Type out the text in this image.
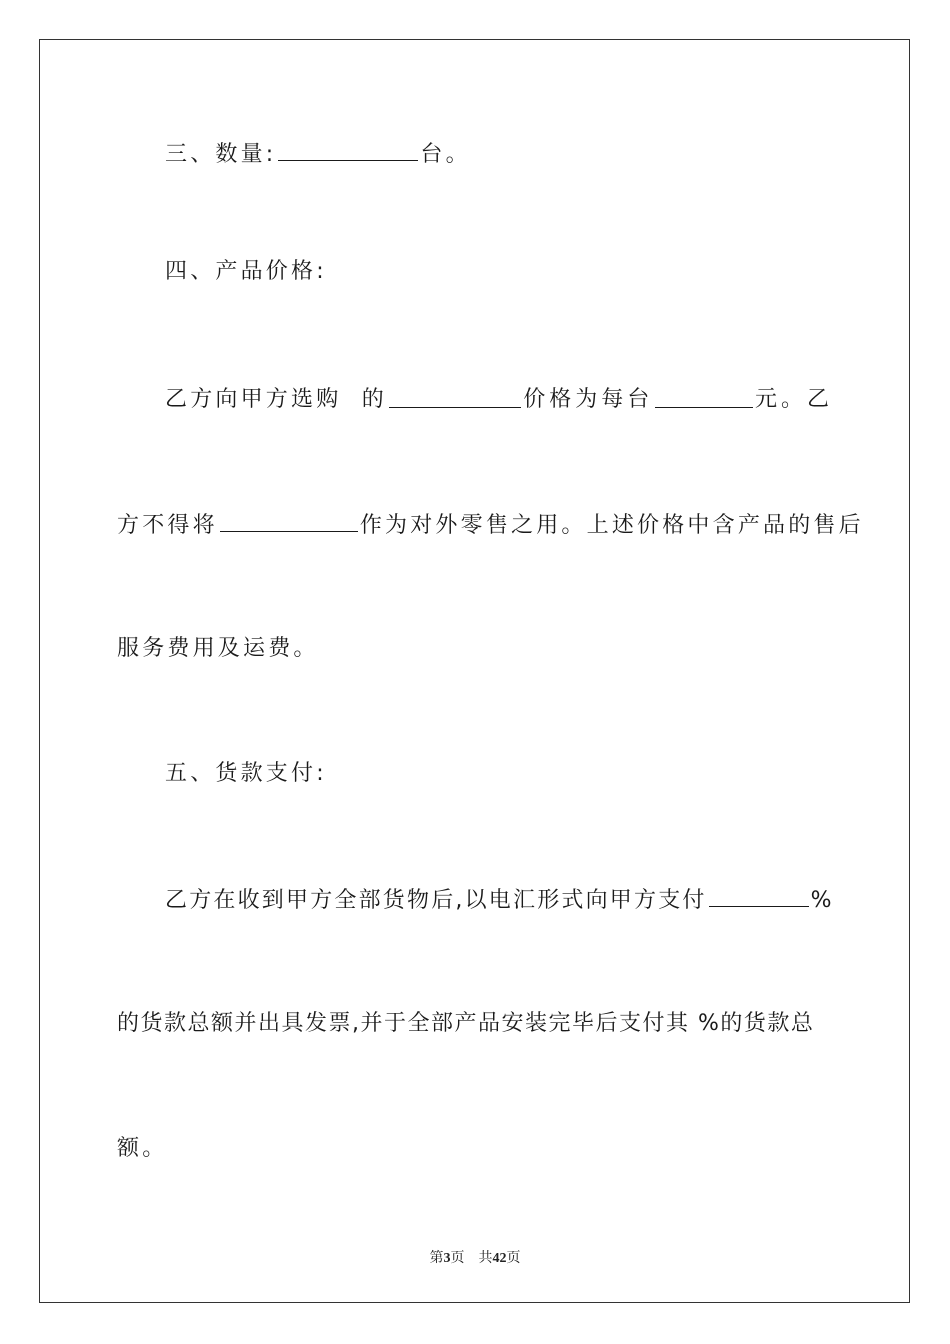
三、数量:	台。
四、产品价格:
乙方向甲方选购  的	价格为每台	元。乙
方不得将	作为对外零售之用。上述价格中含产品的售后
服务费用及运费。
五、货款支付:
乙方在收到甲方全部货物后,以电汇形式向甲方支付	%
的货款总额并出具发票,并于全部产品安装完毕后支付其 %的货款总
额。
第3页 共42页
